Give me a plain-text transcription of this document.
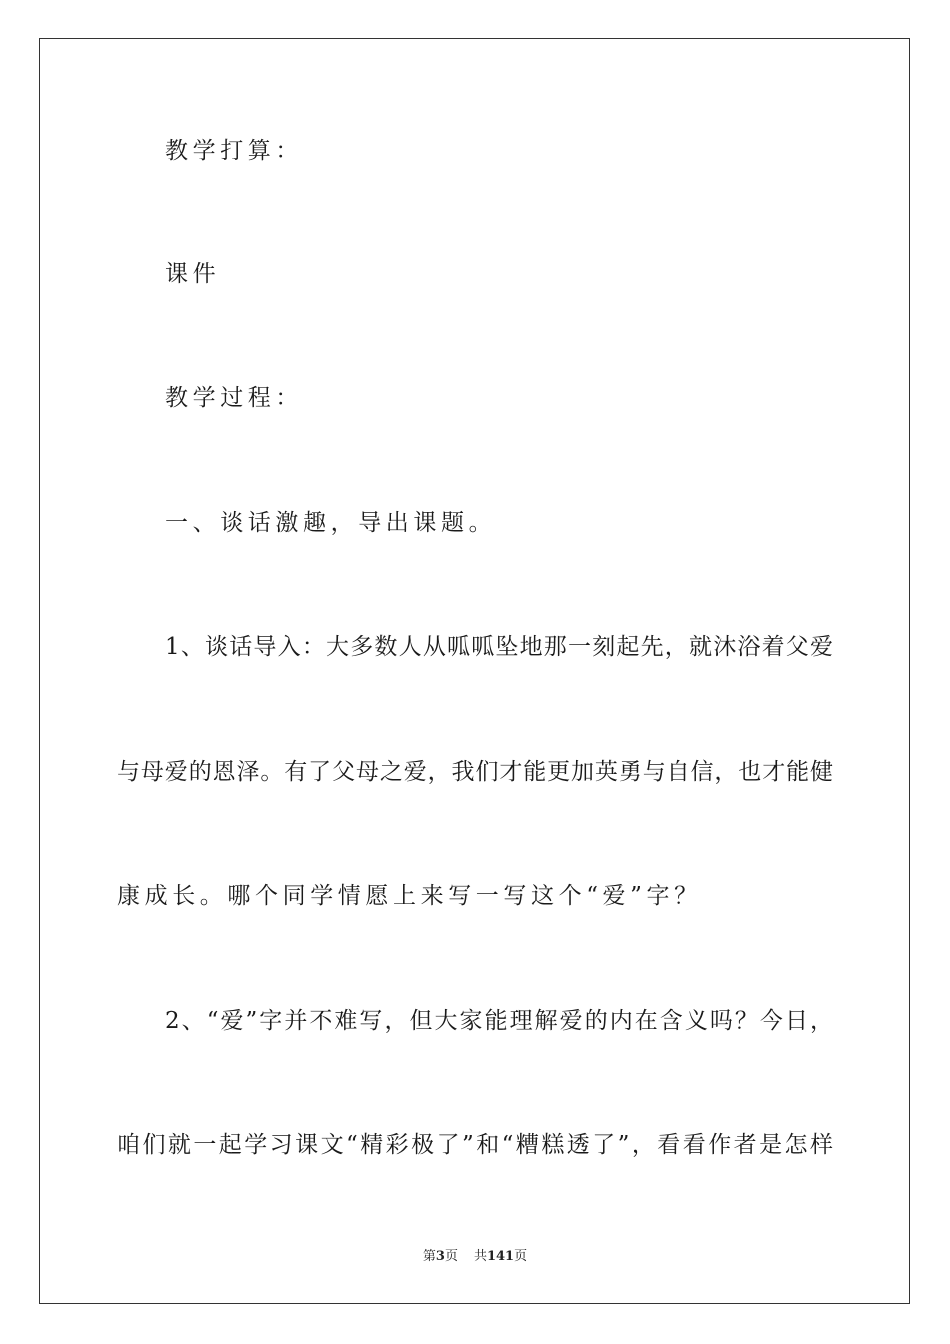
教学打算：
课件
教学过程：
一、谈话激趣，导出课题。
1、谈话导入：大多数人从呱呱坠地那一刻起先，就沐浴着父爱
与母爱的恩泽。有了父母之爱，我们才能更加英勇与自信，也才能健
康成长。哪个同学情愿上来写一写这个“爱”字？
2、“爱”字并不难写，但大家能理解爱的内在含义吗？今日，
咱们就一起学习课文“精彩极了”和“糟糕透了”，看看作者是怎样
第3页 共141页
